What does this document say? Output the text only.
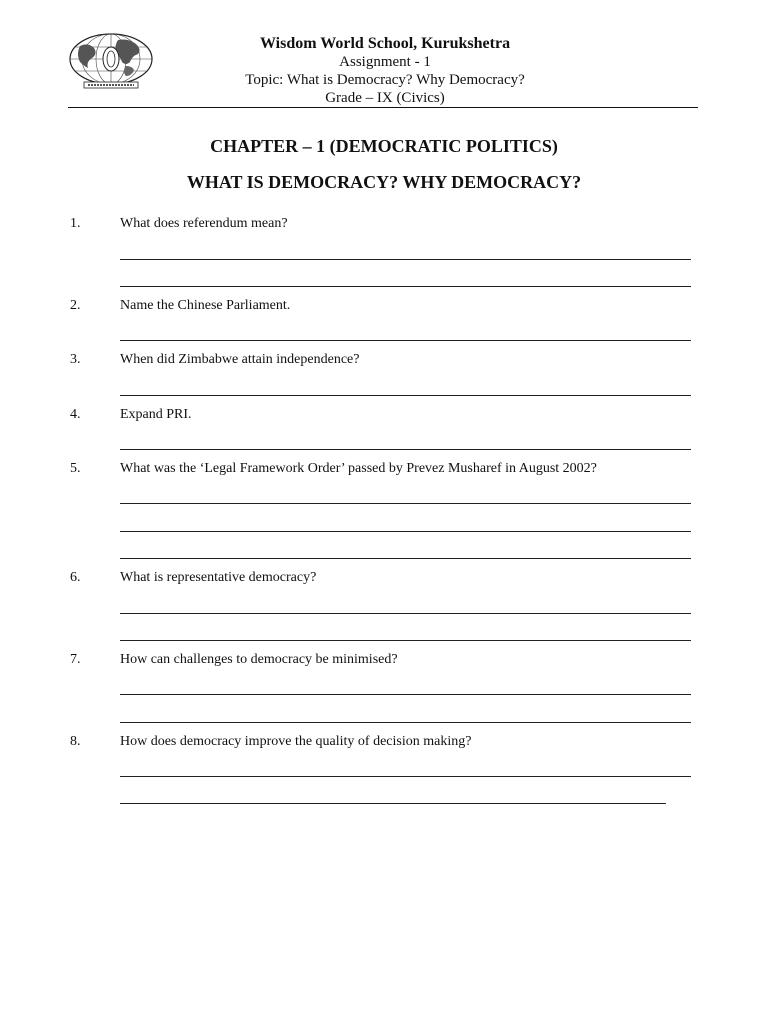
Wisdom World School, Kurukshetra
Assignment - 1
Topic: What is Democracy? Why Democracy?
Grade – IX (Civics)
CHAPTER – 1 (DEMOCRATIC POLITICS)
WHAT IS DEMOCRACY? WHY DEMOCRACY?
1.	What does referendum mean?
2.	Name the Chinese Parliament.
3.	When did Zimbabwe attain independence?
4.	Expand PRI.
5.	What was the ‘Legal Framework Order’ passed by Prevez Musharef in August 2002?
6.	What is representative democracy?
7.	How can challenges to democracy be minimised?
8.	How does democracy improve the quality of decision making?
